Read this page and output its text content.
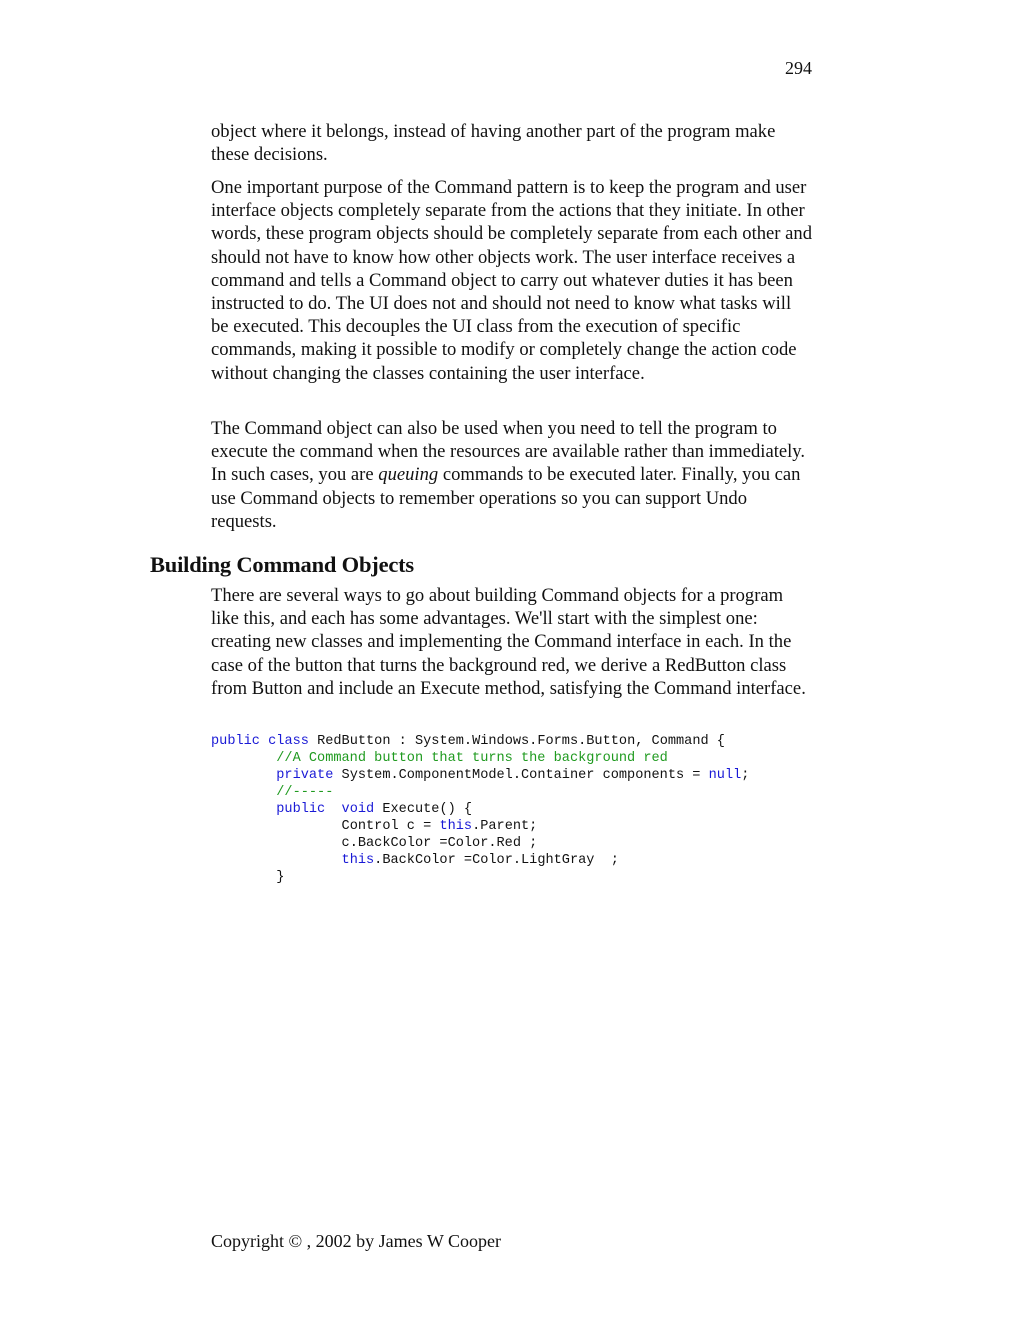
294

object where it belongs, instead of having another part of the program make these decisions.

One important purpose of the Command pattern is to keep the program and user interface objects completely separate from the actions that they initiate. In other words, these program objects should be completely separate from each other and should not have to know how other objects work. The user interface receives a command and tells a Command object to carry out whatever duties it has been instructed to do. The UI does not and should not need to know what tasks will be executed. This decouples the UI class from the execution of specific commands, making it possible to modify or completely change the action code without changing the classes containing the user interface.

The Command object can also be used when you need to tell the program to execute the command when the resources are available rather than immediately. In such cases, you are queuing commands to be executed later. Finally, you can use Command objects to remember operations so you can support Undo requests.

Building Command Objects

There are several ways to go about building Command objects for a program like this, and each has some advantages. We'll start with the simplest one: creating new classes and implementing the Command interface in each. In the case of the button that turns the background red, we derive a RedButton class from Button and include an Execute method, satisfying the Command interface.

public class RedButton : System.Windows.Forms.Button, Command {
//A Command button that turns the background red
private System.ComponentModel.Container components = null;
//-----
public void Execute() {
Control c = this.Parent;
c.BackColor =Color.Red ;
this.BackColor =Color.LightGray  ;
}
Copyright © , 2002 by James W Cooper
